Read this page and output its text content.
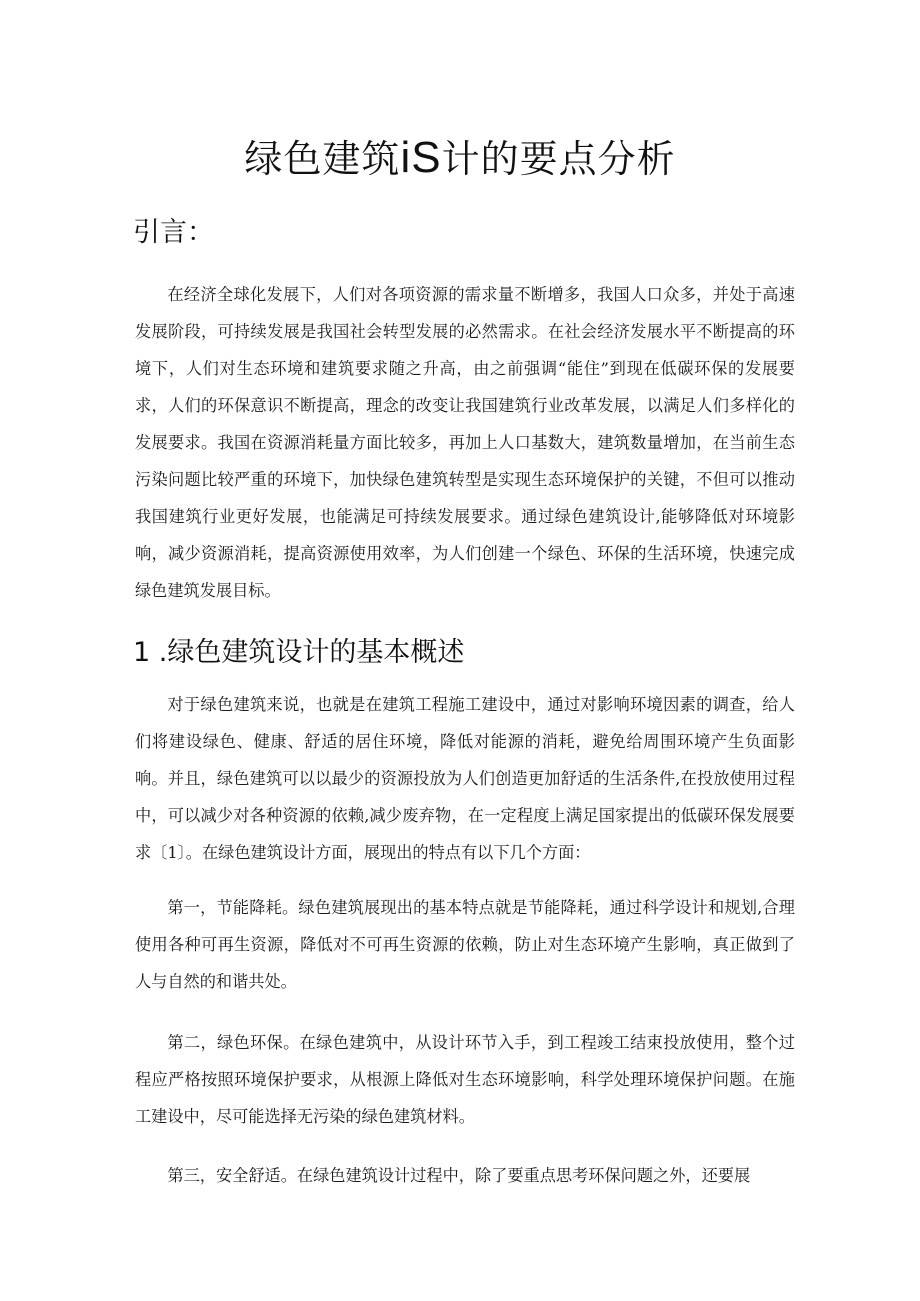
绿色建筑iS计的要点分析
引言：

在经济全球化发展下，人们对各项资源的需求量不断增多，我国人口众多，并处于高速发展阶段，可持续发展是我国社会转型发展的必然需求。在社会经济发展水平不断提高的环境下，人们对生态环境和建筑要求随之升高，由之前强调“能住”到现在低碳环保的发展要求，人们的环保意识不断提高，理念的改变让我国建筑行业改革发展，以满足人们多样化的发展要求。我国在资源消耗量方面比较多，再加上人口基数大，建筑数量增加，在当前生态污染问题比较严重的环境下，加快绿色建筑转型是实现生态环境保护的关键，不但可以推动我国建筑行业更好发展，也能满足可持续发展要求。通过绿色建筑设计,能够降低对环境影响，减少资源消耗，提高资源使用效率，为人们创建一个绿色、环保的生活环境，快速完成绿色建筑发展目标。

1 .绿色建筑设计的基本概述

对于绿色建筑来说，也就是在建筑工程施工建设中，通过对影响环境因素的调查，给人们将建设绿色、健康、舒适的居住环境，降低对能源的消耗，避免给周围环境产生负面影响。并且，绿色建筑可以以最少的资源投放为人们创造更加舒适的生活条件,在投放使用过程中，可以减少对各种资源的依赖,减少废弃物，在一定程度上满足国家提出的低碳环保发展要求〔1〕。在绿色建筑设计方面，展现出的特点有以下几个方面：

第一，节能降耗。绿色建筑展现出的基本特点就是节能降耗，通过科学设计和规划,合理使用各种可再生资源，降低对不可再生资源的依赖，防止对生态环境产生影响，真正做到了人与自然的和谐共处。

第二，绿色环保。在绿色建筑中，从设计环节入手，到工程竣工结束投放使用，整个过程应严格按照环境保护要求，从根源上降低对生态环境影响，科学处理环境保护问题。在施工建设中，尽可能选择无污染的绿色建筑材料。

第三，安全舒适。在绿色建筑设计过程中，除了要重点思考环保问题之外，还要展
